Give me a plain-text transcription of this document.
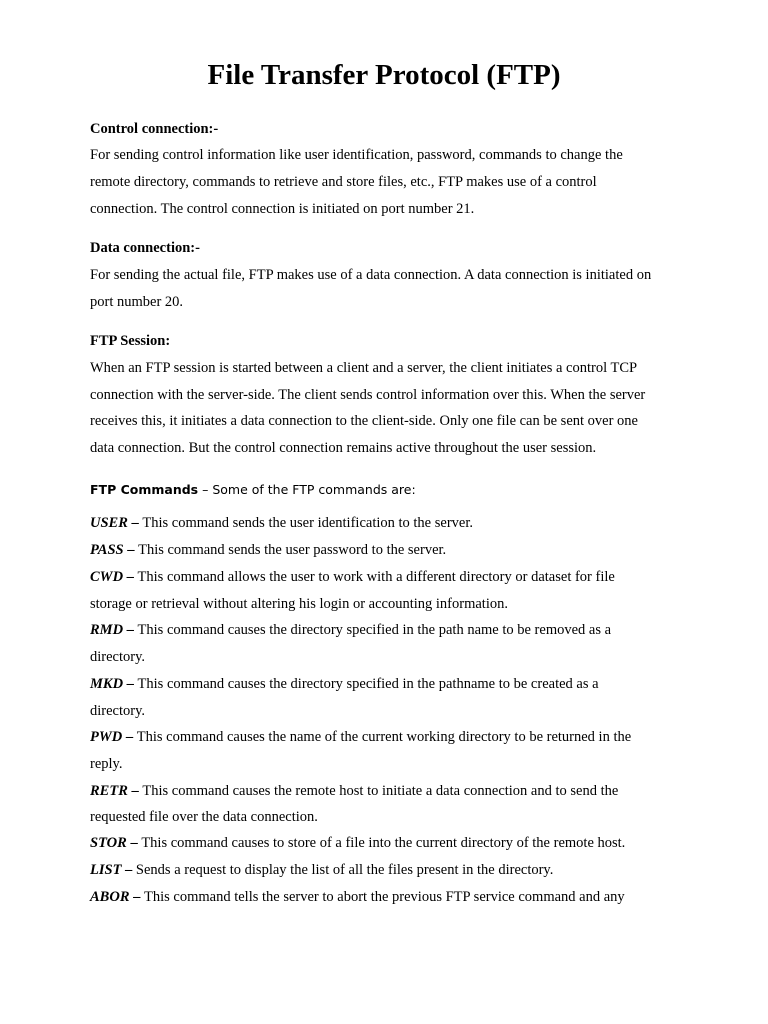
File Transfer Protocol (FTP)
Control connection:-
For sending control information like user identification, password, commands to change the
remote directory, commands to retrieve and store files, etc., FTP makes use of a control
connection. The control connection is initiated on port number 21.
Data connection:-
For sending the actual file, FTP makes use of a data connection. A data connection is initiated on
port number 20.
FTP Session:
When an FTP session is started between a client and a server, the client initiates a control TCP
connection with the server-side. The client sends control information over this. When the server
receives this, it initiates a data connection to the client-side. Only one file can be sent over one
data connection. But the control connection remains active throughout the user session.
FTP Commands – Some of the FTP commands are:
USER – This command sends the user identification to the server.
PASS – This command sends the user password to the server.
CWD – This command allows the user to work with a different directory or dataset for file
storage or retrieval without altering his login or accounting information.
RMD – This command causes the directory specified in the path name to be removed as a
directory.
MKD – This command causes the directory specified in the pathname to be created as a
directory.
PWD – This command causes the name of the current working directory to be returned in the
reply.
RETR – This command causes the remote host to initiate a data connection and to send the
requested file over the data connection.
STOR – This command causes to store of a file into the current directory of the remote host.
LIST – Sends a request to display the list of all the files present in the directory.
ABOR – This command tells the server to abort the previous FTP service command and any
